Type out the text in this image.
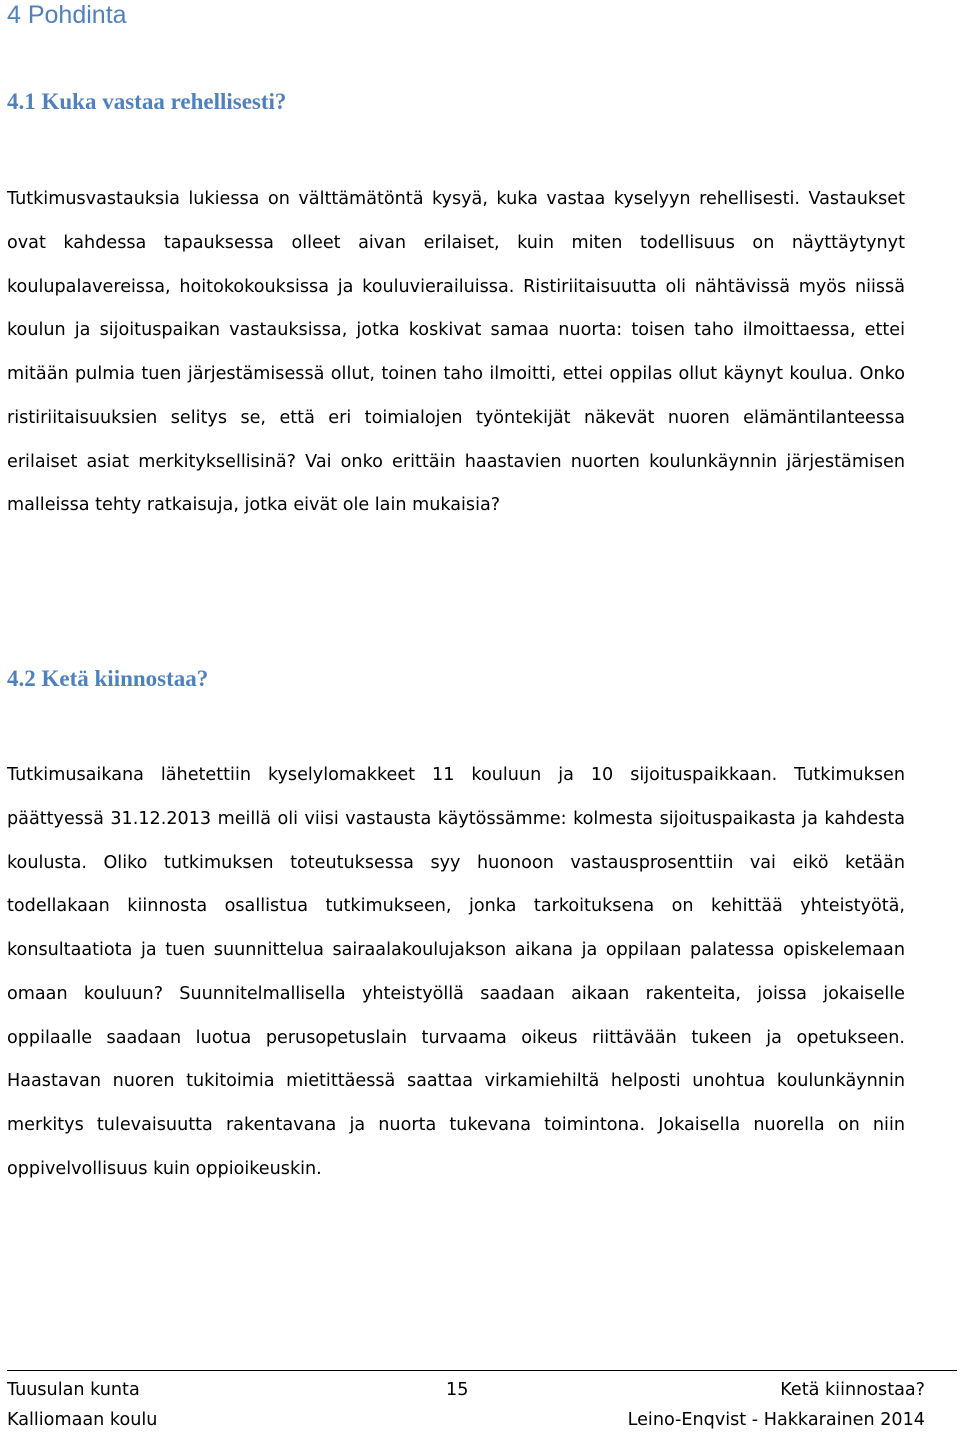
4 Pohdinta
4.1 Kuka vastaa rehellisesti?

Tutkimusvastauksia lukiessa on välttämätöntä kysyä, kuka vastaa kyselyyn rehellisesti. Vastaukset ovat kahdessa tapauksessa olleet aivan erilaiset, kuin miten todellisuus on näyttäytynyt koulupalavereissa, hoitokokouksissa ja kouluvierailuissa. Ristiriitaisuutta oli nähtävissä myös niissä koulun ja sijoituspaikan vastauksissa, jotka koskivat samaa nuorta: toisen taho ilmoittaessa, ettei mitään pulmia tuen järjestämisessä ollut, toinen taho ilmoitti, ettei oppilas ollut käynyt koulua. Onko ristiriitaisuuksien selitys se, että eri toimialojen työntekijät näkevät nuoren elämäntilanteessa erilaiset asiat merkityksellisinä? Vai onko erittäin haastavien nuorten koulunkäynnin järjestämisen malleissa tehty ratkaisuja, jotka eivät ole lain mukaisia?

4.2 Ketä kiinnostaa?

Tutkimusaikana lähetettiin kyselylomakkeet 11 kouluun ja 10 sijoituspaikkaan. Tutkimuksen päättyessä 31.12.2013 meillä oli viisi vastausta käytössämme: kolmesta sijoituspaikasta ja kahdesta koulusta. Oliko tutkimuksen toteutuksessa syy huonoon vastausprosenttiin vai eikö ketään todellakaan kiinnosta osallistua tutkimukseen, jonka tarkoituksena on kehittää yhteistyötä, konsultaatiota ja tuen suunnittelua sairaalakoulujakson aikana ja oppilaan palatessa opiskelemaan omaan kouluun? Suunnitelmallisella yhteistyöllä saadaan aikaan rakenteita, joissa jokaiselle oppilaalle saadaan luotua perusopetuslain turvaama oikeus riittävään tukeen ja opetukseen. Haastavan nuoren tukitoimia mietittäessä saattaa virkamiehiltä helposti unohtua koulunkäynnin merkitys tulevaisuutta rakentavana ja nuorta tukevana toimintona. Jokaisella nuorella on niin oppivelvollisuus kuin oppioikeuskin.

Tuusulan kunta	15	Ketä kiinnostaa?
Kalliomaan koulu	Leino-Enqvist - Hakkarainen 2014
